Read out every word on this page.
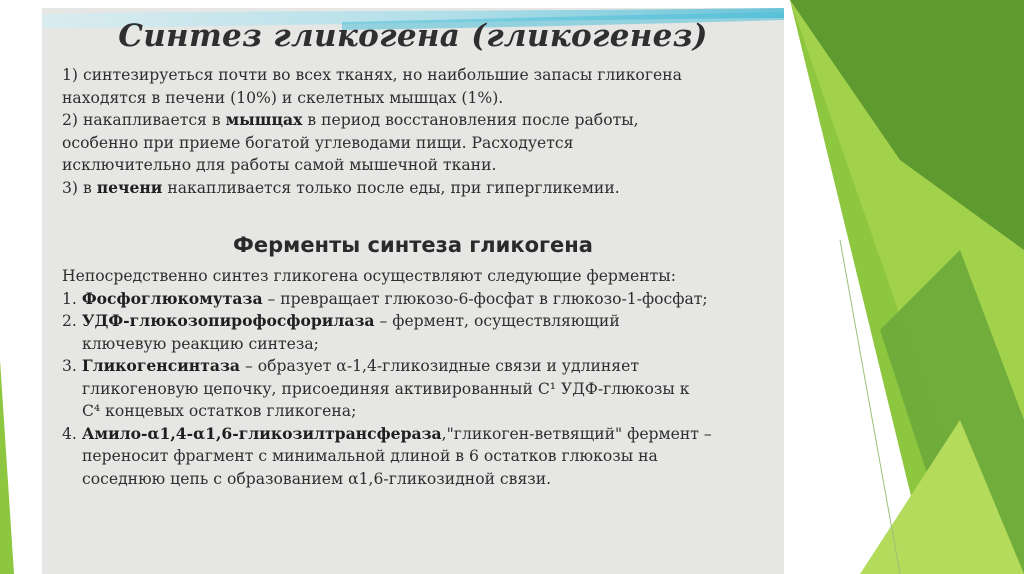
Синтез гликогена (гликогенез)
1) синтезируеться почти во всех тканях, но наибольшие запасы гликогена
находятся в печени (10%) и скелетных мышцах (1%).
2) накапливается в мышцах в период восстановления после работы,
особенно при приеме богатой углеводами пищи. Расходуется
исключительно для работы самой мышечной ткани.
3) в печени накапливается только после еды, при гипергликемии.
Ферменты синтеза гликогена
Непосредственно синтез гликогена осуществляют следующие ферменты:
1. Фосфоглюкомутаза – превращает глюкозо-6-фосфат в глюкозо-1-фосфат;
2. УДФ-глюкозопирофосфорилаза – фермент, осуществляющий
ключевую реакцию синтеза;
3. Гликогенсинтаза – образует α-1,4-гликозидные связи и удлиняет
гликогеновую цепочку, присоединяя активированный С¹ УДФ-глюкозы к
С⁴ концевых остатков гликогена;
4. Амило-α1,4-α1,6-гликозилтрансфераза,"гликоген-ветвящий" фермент –
переносит фрагмент с минимальной длиной в 6 остатков глюкозы на
соседнюю цепь с образованием α1,6-гликозидной связи.
